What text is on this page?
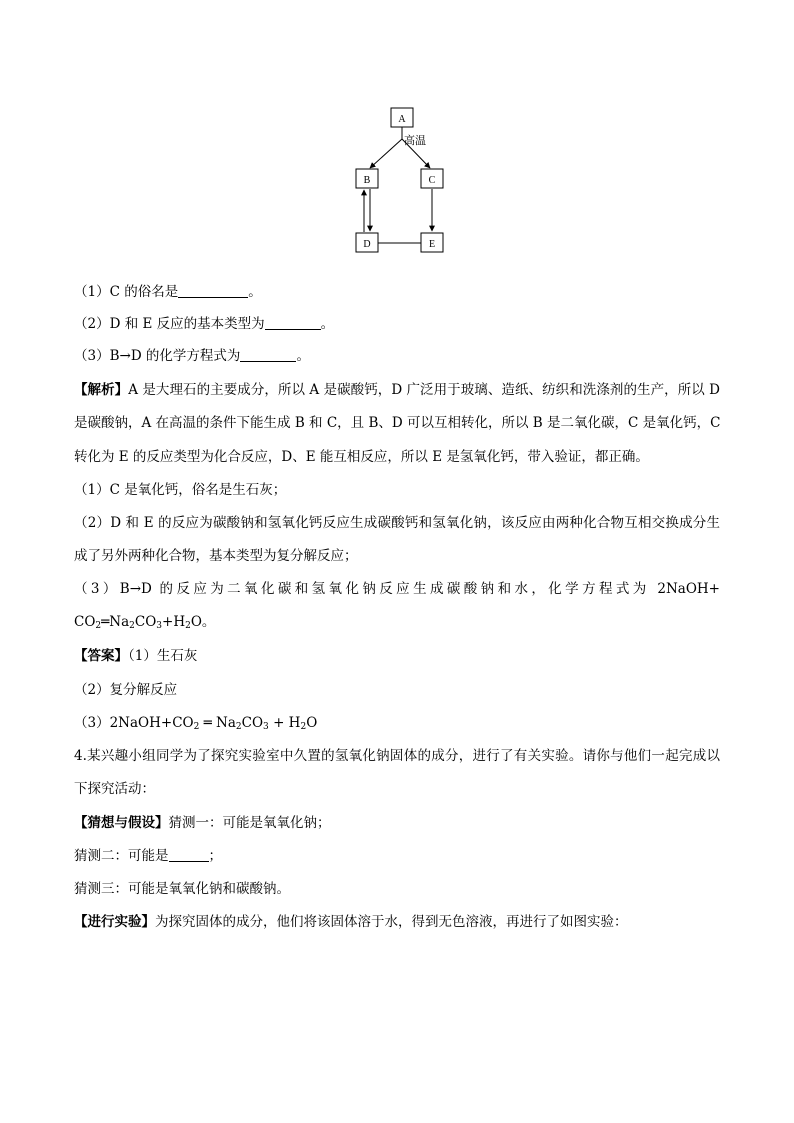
A
B	C
D	E
高温
（1）C 的俗名是	。
（2）D 和 E 反应的基本类型为	。
（3）B→D 的化学方程式为	。
【解析】A 是大理石的主要成分，所以 A 是碳酸钙，D 广泛用于玻璃、造纸、纺织和洗涤剂的生产，所以 D
是碳酸钠，A 在高温的条件下能生成 B 和 C，且 B、D 可以互相转化，所以 B 是二氧化碳，C 是氧化钙，C
转化为 E 的反应类型为化合反应，D、E 能互相反应，所以 E 是氢氧化钙，带入验证，都正确。
（1）C 是氧化钙，俗名是生石灰；
（2）D 和 E 的反应为碳酸钠和氢氧化钙反应生成碳酸钙和氢氧化钠，该反应由两种化合物互相交换成分生
成了另外两种化合物，基本类型为复分解反应；
（3）B→D 的反应为二氧化碳和氢氧化钠反应生成碳酸钠和水，化学方程式为 2NaOH+
$CO_2═Na_2CO_3+H_2O$。
【答案】（1）生石灰
（2）复分解反应
$(3)2NaOH+CO_2$ ═ $Na_2CO_3 + H_2O$
4.某兴趣小组同学为了探究实验室中久置的氢氧化钠固体的成分，进行了有关实验。请你与他们一起完成以
下探究活动：
【猜想与假设】猜测一：可能是氧氧化钠；
猜测二：可能是	；
猜测三：可能是氧氧化钠和碳酸钠。
【进行实验】为探究固体的成分，他们将该固体溶于水，得到无色溶液，再进行了如图实验：
